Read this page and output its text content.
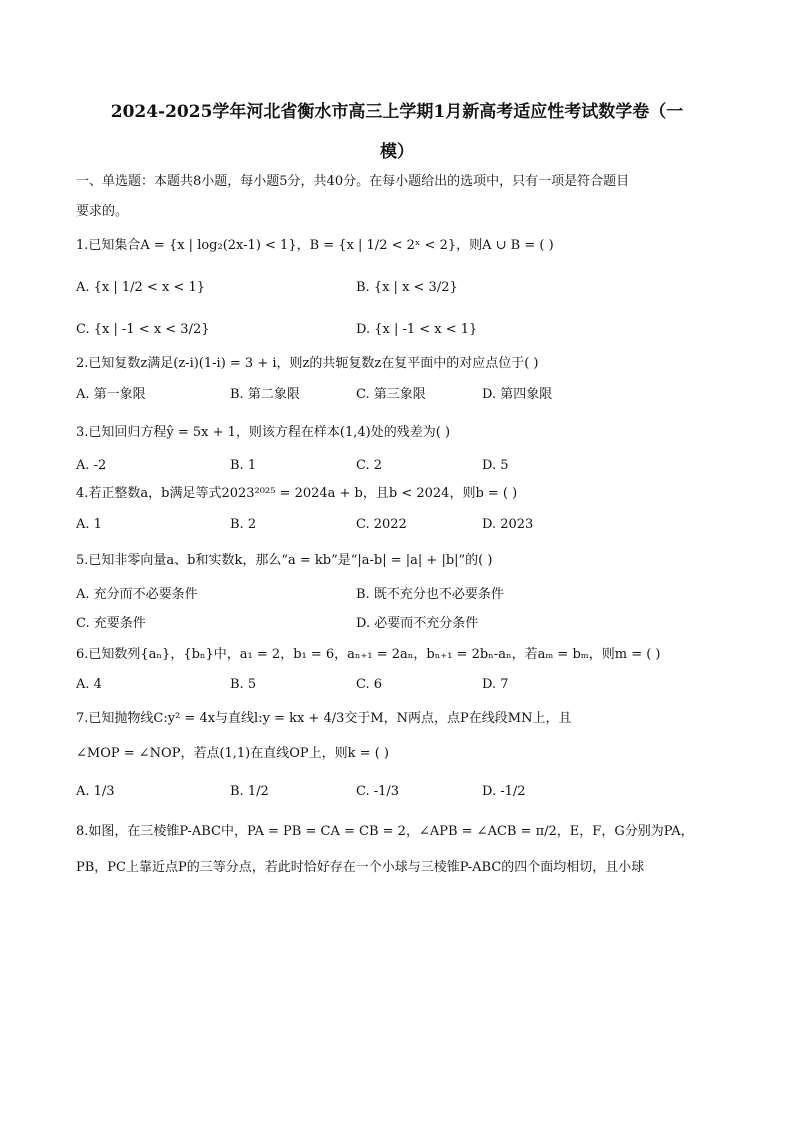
2024-2025学年河北省衡水市高三上学期1月新高考适应性考试数学卷（一
模）
一、单选题：本题共8小题，每小题5分，共40分。在每小题给出的选项中，只有一项是符合题目
要求的。
1.已知集合A = {x | log₂(2x-1) < 1}，B = {x | 1/2 < 2ˣ < 2}，则A ∪ B = ( )
A. {x | 1/2 < x < 1}	B. {x | x < 3/2}
C. {x | -1 < x < 3/2}	D. {x | -1 < x < 1}
2.已知复数z满足(z-i)(1-i) = 3 + i，则z的共轭复数z在复平面中的对应点位于( )
A. 第一象限	B. 第二象限	C. 第三象限	D. 第四象限
3.已知回归方程ŷ = 5x + 1，则该方程在样本(1,4)处的残差为( )
A. -2	B. 1	C. 2	D. 5
4.若正整数a，b满足等式2023²⁰²⁵ = 2024a + b，且b < 2024，则b = ( )
A. 1	B. 2	C. 2022	D. 2023
5.已知非零向量a、b和实数k，那么“a = kb”是“|a-b| = |a| + |b|”的( )
A. 充分而不必要条件	B. 既不充分也不必要条件
C. 充要条件	D. 必要而不充分条件
6.已知数列{aₙ}，{bₙ}中，a₁ = 2，b₁ = 6，aₙ₊₁ = 2aₙ，bₙ₊₁ = 2bₙ-aₙ，若aₘ = bₘ，则m = ( )
A. 4	B. 5	C. 6	D. 7
7.已知抛物线C:y² = 4x与直线l:y = kx + 4/3交于M，N两点，点P在线段MN上，且
∠MOP = ∠NOP，若点(1,1)在直线OP上，则k = ( )
A. 1/3	B. 1/2	C. -1/3	D. -1/2
8.如图，在三棱锥P-ABC中，PA = PB = CA = CB = 2，∠APB = ∠ACB = π/2，E，F，G分别为PA，
PB，PC上靠近点P的三等分点，若此时恰好存在一个小球与三棱锥P-ABC的四个面均相切，且小球
